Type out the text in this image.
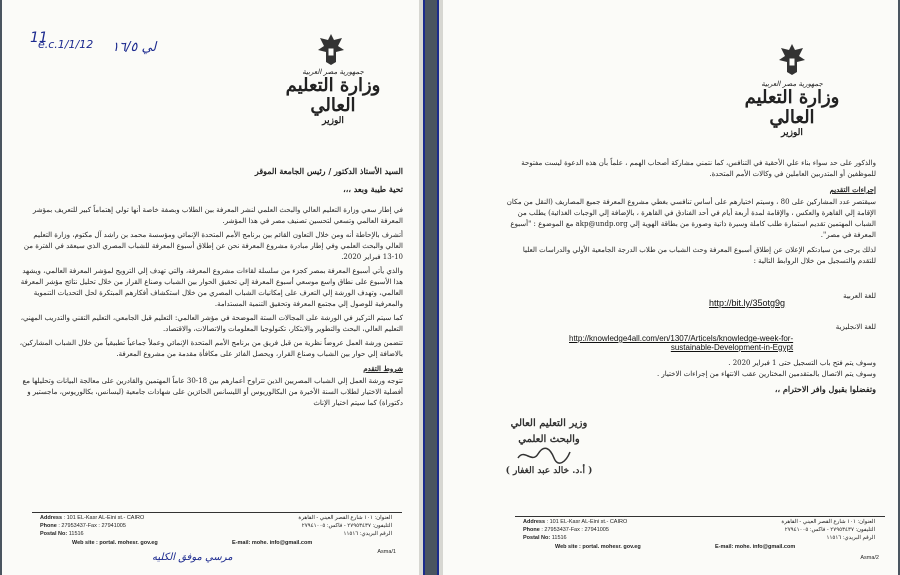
11
e.c.1/1/12 لي ١٦/٥
جمهورية مصر العربية
وزارة التعليم العالي
الوزير
السيد الأستاذ الدكتور / رئيس الجامعة الموقر
تحية طيبة وبعد ،،،

في إطار سعي وزارة التعليم العالي والبحث العلمي لنشر المعرفة بين الطلاب وبصفة خاصة أنها تولي إهتماماً كبير للتعريف بمؤشر المعرفة العالمي وتسعي لتحسين تصنيف مصر في هذا المؤشر.

أتشرف بالإحاطة أنه ومن خلال التعاون القائم بين برنامج الأمم المتحدة الإنمائي ومؤسسة محمد بن راشد آل مكتوم، وزارة التعليم العالي والبحث العلمي وفي إطار مبادرة مشروع المعرفة نحن عن إطلاق أسبوع المعرفة للشباب المصري الذي سيعقد في الفترة من 10-13 فبراير 2020.

والذي يأتي أسبوع المعرفة بمصر كجزء من سلسلة لقاءات مشروع المعرفة، والتي تهدف إلي الترويج لمؤشر المعرفة العالمي، ويشهد هذا الأسبوع على نطاق واسع موسعي أسبوع المعرفة إلي تحقيق الحوار بين الشباب وصناع القرار من خلال تحليل نتائج مؤشر المعرفة العالمي، وتهدف الورشة إلي التعرف على إمكانيات الشباب المصري من خلال استكشاف أفكارهم المبتكرة لحل التحديات التنموية والمعرفية للوصول إلي مجتمع المعرفة وتحقيق التنمية المستدامة.

كما سيتم التركيز في الورشة على المجالات الستة الموضحة في مؤشر العالمي: التعليم قبل الجامعي، التعليم التقني والتدريب المهني، التعليم العالي، البحث والتطوير والابتكار، تكنولوجيا المعلومات والاتصالات، والاقتصاد.

تتضمن ورشة العمل عروضاً نظرية من قبل فريق من برنامج الأمم المتحدة الإنمائي وعملاً جماعياً تطبيقياً من خلال الشباب المشاركين، بالاضافة إلي حوار بين الشباب وصناع القرار، ويحصل الفائز على مكافأة مقدمة من مشروع المعرفة.

شروط التقدم

تتوجه ورشة العمل إلي الشباب المصريين الذين تتراوح أعمارهم بين 18-30 عاماً المهتمين والقادرين على معالجة البيانات وتحليلها مع أفضلية الاختيار لطلاب السنة الأخيرة من البكالوريوس أو الليسانس الحائزين على شهادات جامعية (ليسانس، بكالوريوس، ماجستير و دكتوراة) كما سيتم اختيار الإناث

Address : 101 EL-Kasr AL-Eini st.- CAIRO
Phone : 27953437-Fax : 27941005
Postal No: 11516
العنوان: ١٠١ شارع القصر العيني - القاهرة
التليفون: ٢٧٩٥٣٤٣٧ - فاكس: ٢٧٩٤١٠٠٥
الرقم البريدي: ١١٥١٦
Web site : portal. mohesr. gov.eg	E-mail: mohe. info@gmail.com
Asma/1
مرسي موفق الكليه
جمهورية مصر العربية
وزارة التعليم العالي
الوزير

والذكور على حد سواء بناء علي الأحقية في التنافس، كما نتمني مشاركة أصحاب الهمم ، علماً بأن هذه الدعوة ليست مفتوحة للموظفين أو المتدربين العاملين في وكالات الأمم المتحدة.

إجراءات التقديم

سيقتصر عدد المشاركين على 80 ، وسيتم اختيارهم على أساس تنافسي بغطي مشروع المعرفة جميع المصاريف (النقل من مكان الإقامة إلي القاهرة والعكس ، والإقامة لمدة أربعة أيام في أحد الفنادق في القاهرة ، بالإضافة إلي الوجبات الغذائية) يطلب من الشباب المهتمين تقديم استمارة طلب كاملة وسيرة ذاتية وصورة من بطاقة الهوية إلي akp@undp.org مع الموضوع : "أسبوع المعرفة في مصر".

لذلك يرجى من سيادتكم الإعلان عن إطلاق أسبوع المعرفة وحث الشباب من طلاب الدرجة الجامعية الأولي والدراسات العليا للتقدم والتسجيل من خلال الروابط التالية :

للغة العربية
http://bit.ly/35otg9g
للغة الانجليزية
http://knowledge4all.com/en/1307/Articels/knowledge-week-for-
sustainable-Development-in-Egypt
وسوف يتم فتح باب التسجيل حتى 1 فبراير 2020 .
وسوف يتم الاتصال بالمتقدمين المختارين عقب الانتهاء من إجراءات الاختيار .
وتفضلوا بقبول وافر الاحترام ،،
وزير التعليم العالي
والبحث العلمي
( أ.د. خالد عبد الغفار )
Address : 101 EL-Kasr AL-Eini st.- CAIRO
Phone : 27953437-Fax : 27941005
Postal No: 11516
العنوان: ١٠١ شارع القصر العيني - القاهرة
التليفون: ٢٧٩٥٣٤٣٧ - فاكس: ٢٧٩٤١٠٠٥
الرقم البريدي: ١١٥١٦
Web site : portal. mohesr. gov.eg	E-mail: mohe. info@gmail.com
Asma/2
